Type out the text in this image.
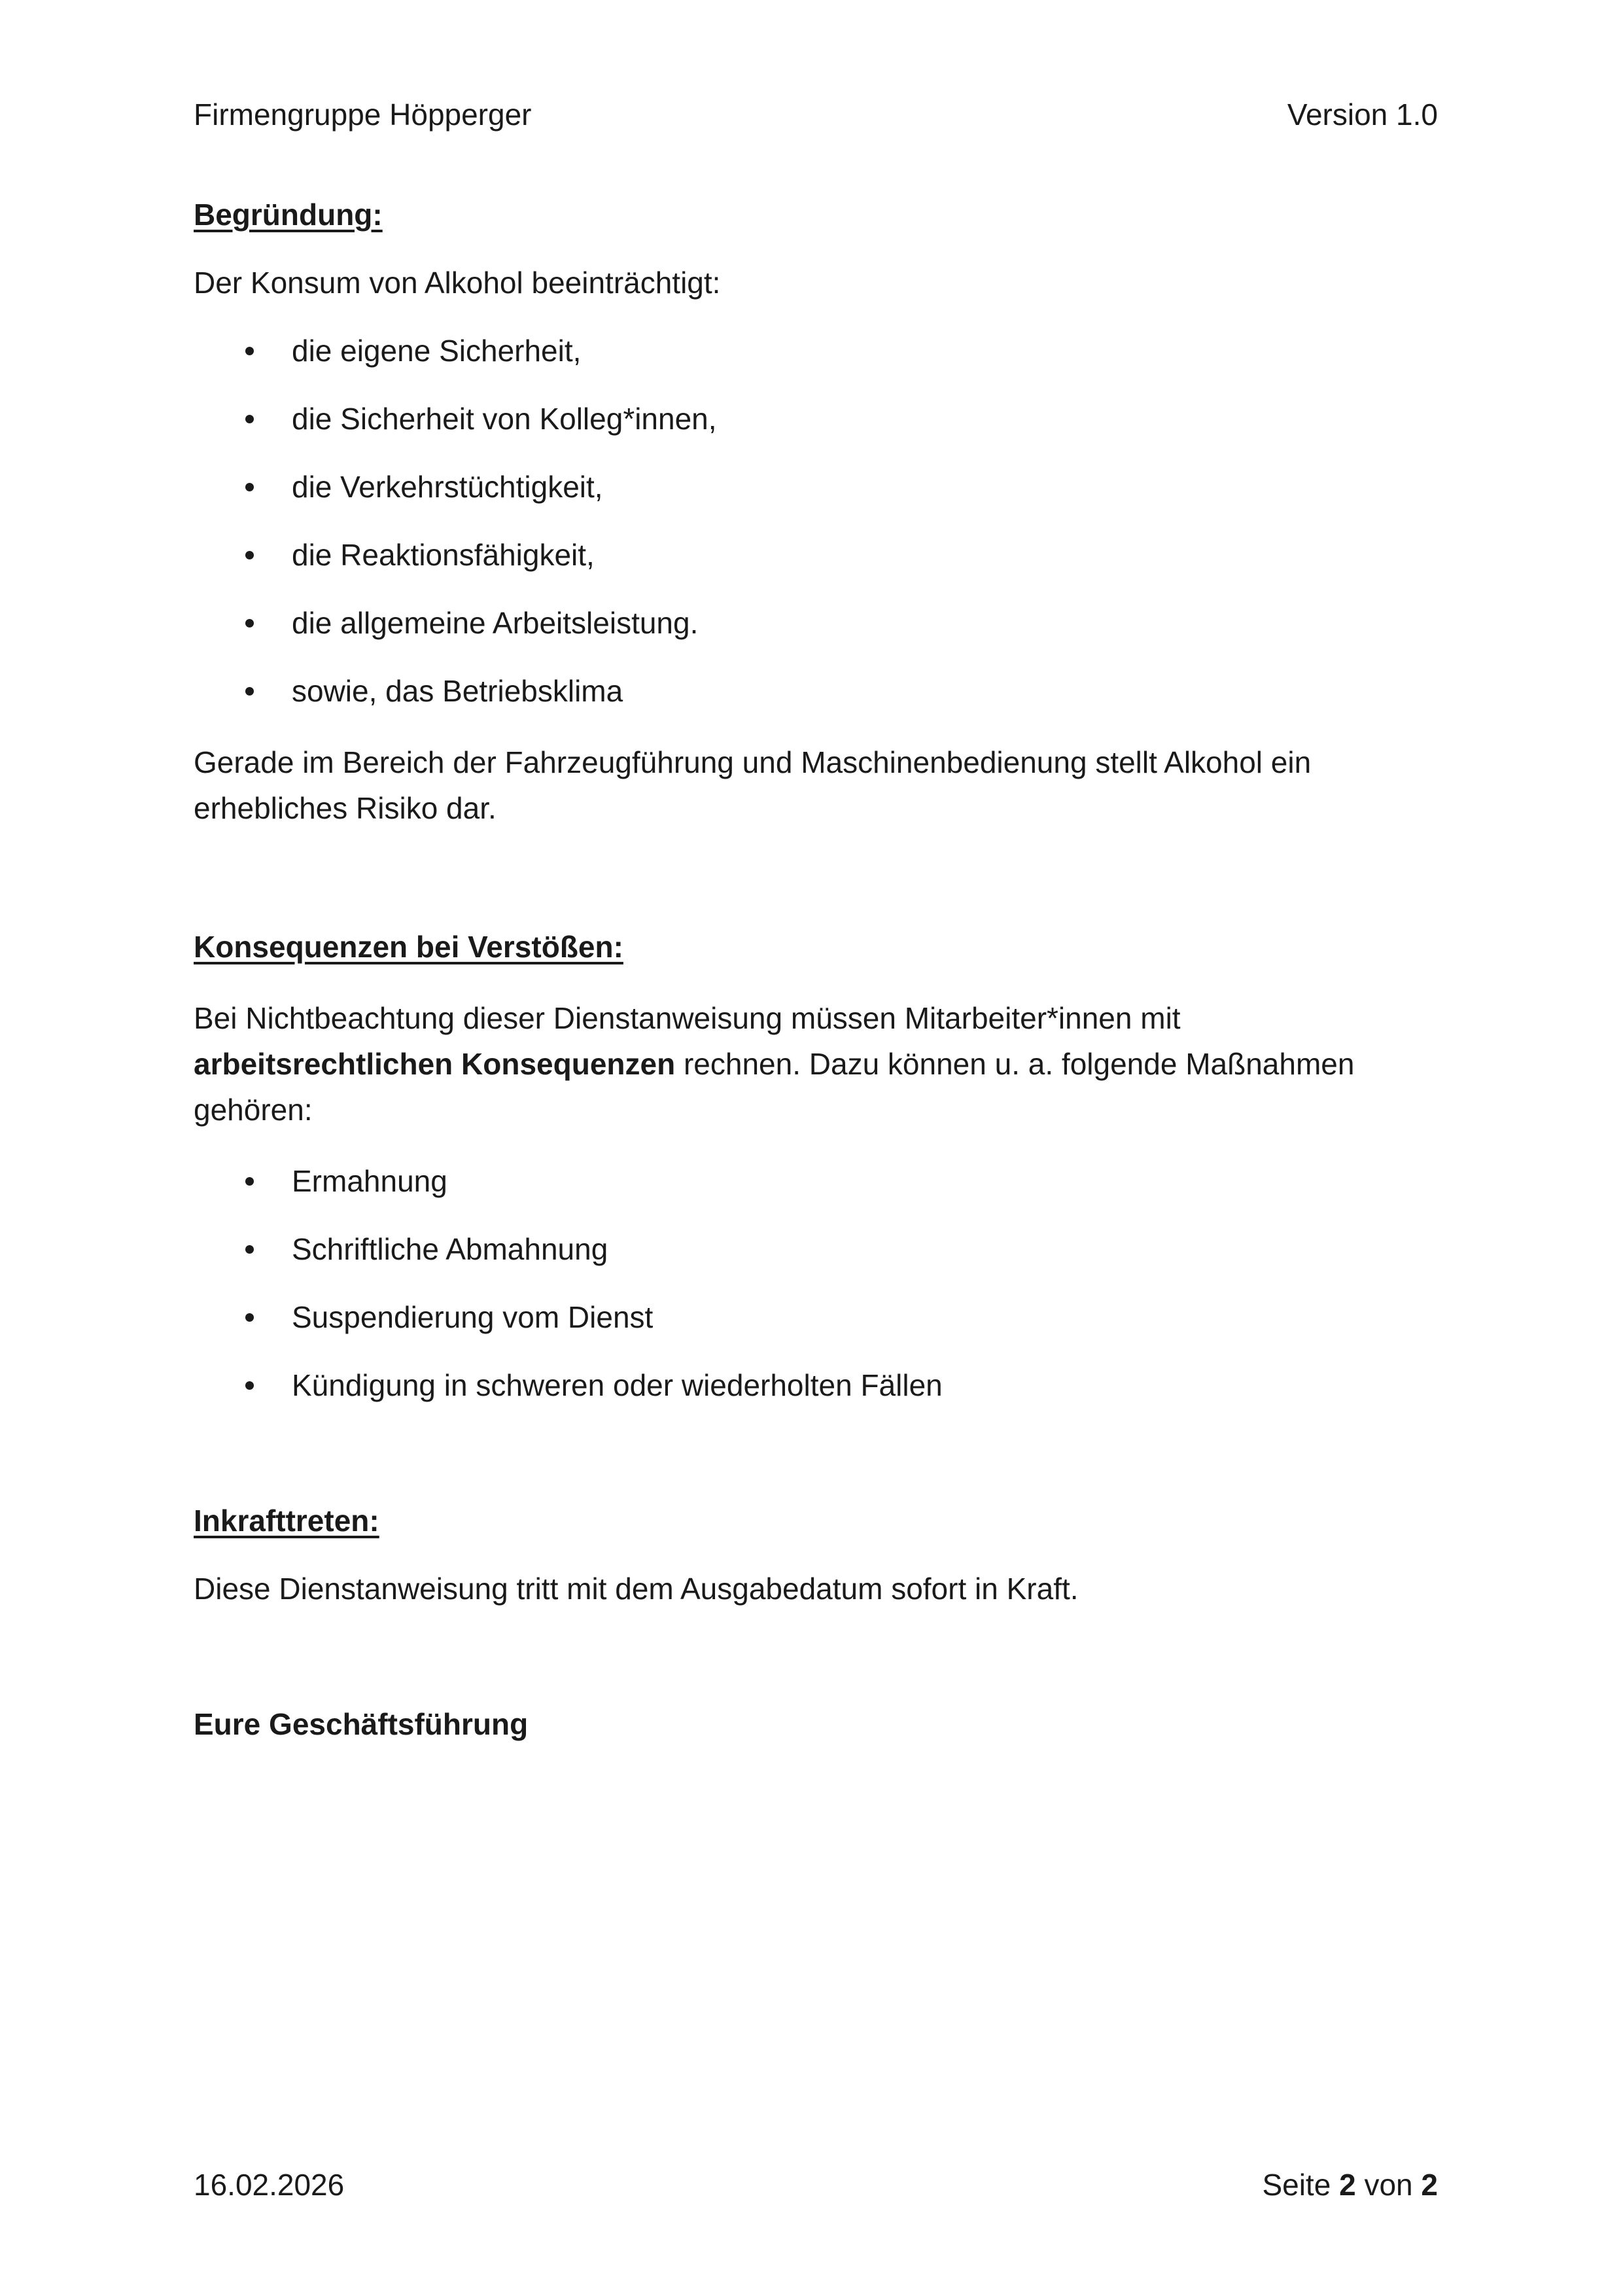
Firmengruppe Höpperger	Version 1.0

Begründung:

Der Konsum von Alkohol beeinträchtigt:

die eigene Sicherheit,
die Sicherheit von Kolleg*innen,
die Verkehrstüchtigkeit,
die Reaktionsfähigkeit,
die allgemeine Arbeitsleistung.
sowie, das Betriebsklima

Gerade im Bereich der Fahrzeugführung und Maschinenbedienung stellt Alkohol ein erhebliches Risiko dar.

Konsequenzen bei Verstößen:

Bei Nichtbeachtung dieser Dienstanweisung müssen Mitarbeiter*innen mit arbeitsrechtlichen Konsequenzen rechnen. Dazu können u. a. folgende Maßnahmen gehören:

Ermahnung
Schriftliche Abmahnung
Suspendierung vom Dienst
Kündigung in schweren oder wiederholten Fällen

Inkrafttreten:

Diese Dienstanweisung tritt mit dem Ausgabedatum sofort in Kraft.

Eure Geschäftsführung

16.02.2026	Seite 2 von 2
